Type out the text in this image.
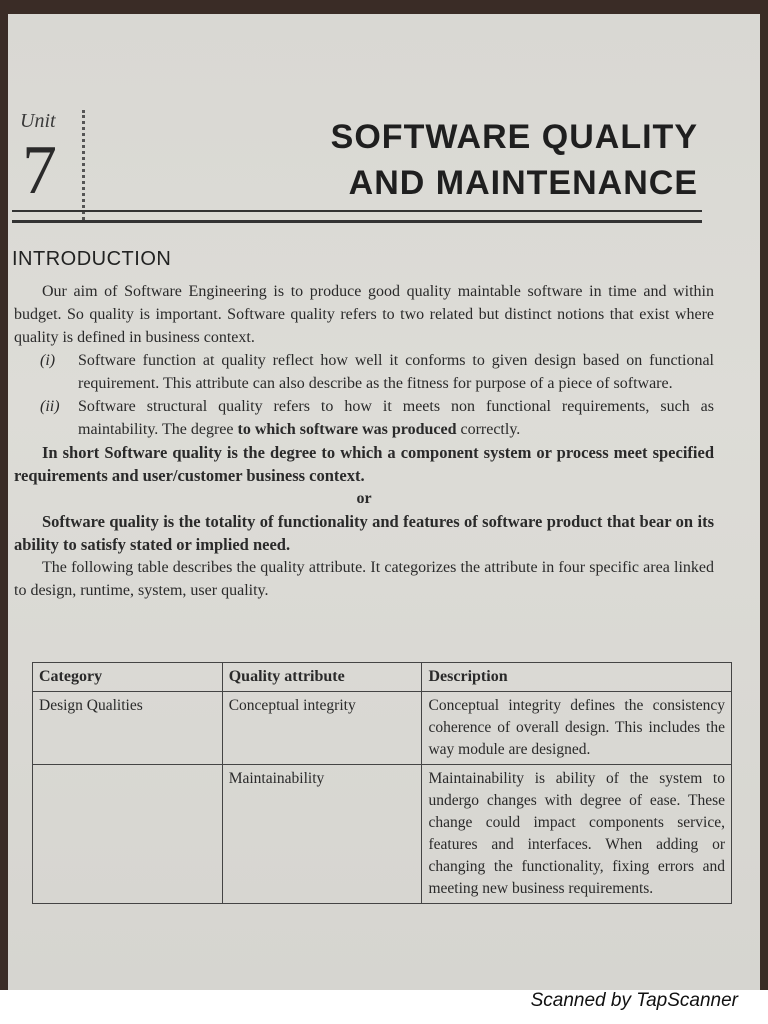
Unit
7	SOFTWARE QUALITY
AND MAINTENANCE
INTRODUCTION

Our aim of Software Engineering is to produce good quality maintable software in time and within budget. So quality is important. Software quality refers to two related but distinct notions that exist where quality is defined in business context.

(i)	Software function at quality reflect how well it conforms to given design based on functional requirement. This attribute can also describe as the fitness for purpose of a piece of software.
(ii)	Software structural quality refers to how it meets non functional requirements, such as maintability. The degree to which software was produced correctly.

In short Software quality is the degree to which a component system or process meet specified requirements and user/customer business context.

or

Software quality is the totality of functionality and features of software product that bear on its ability to satisfy stated or implied need.

The following table describes the quality attribute. It categorizes the attribute in four specific area linked to design, runtime, system, user quality.

Category	Quality attribute	Description
Design Qualities	Conceptual integrity	Conceptual integrity defines the consistency coherence of overall design. This includes the way module are designed.
	Maintainability	Maintainability is ability of the system to undergo changes with degree of ease. These change could impact components service, features and interfaces. When adding or changing the functionality, fixing errors and meeting new business requirements.
Scanned by TapScanner
